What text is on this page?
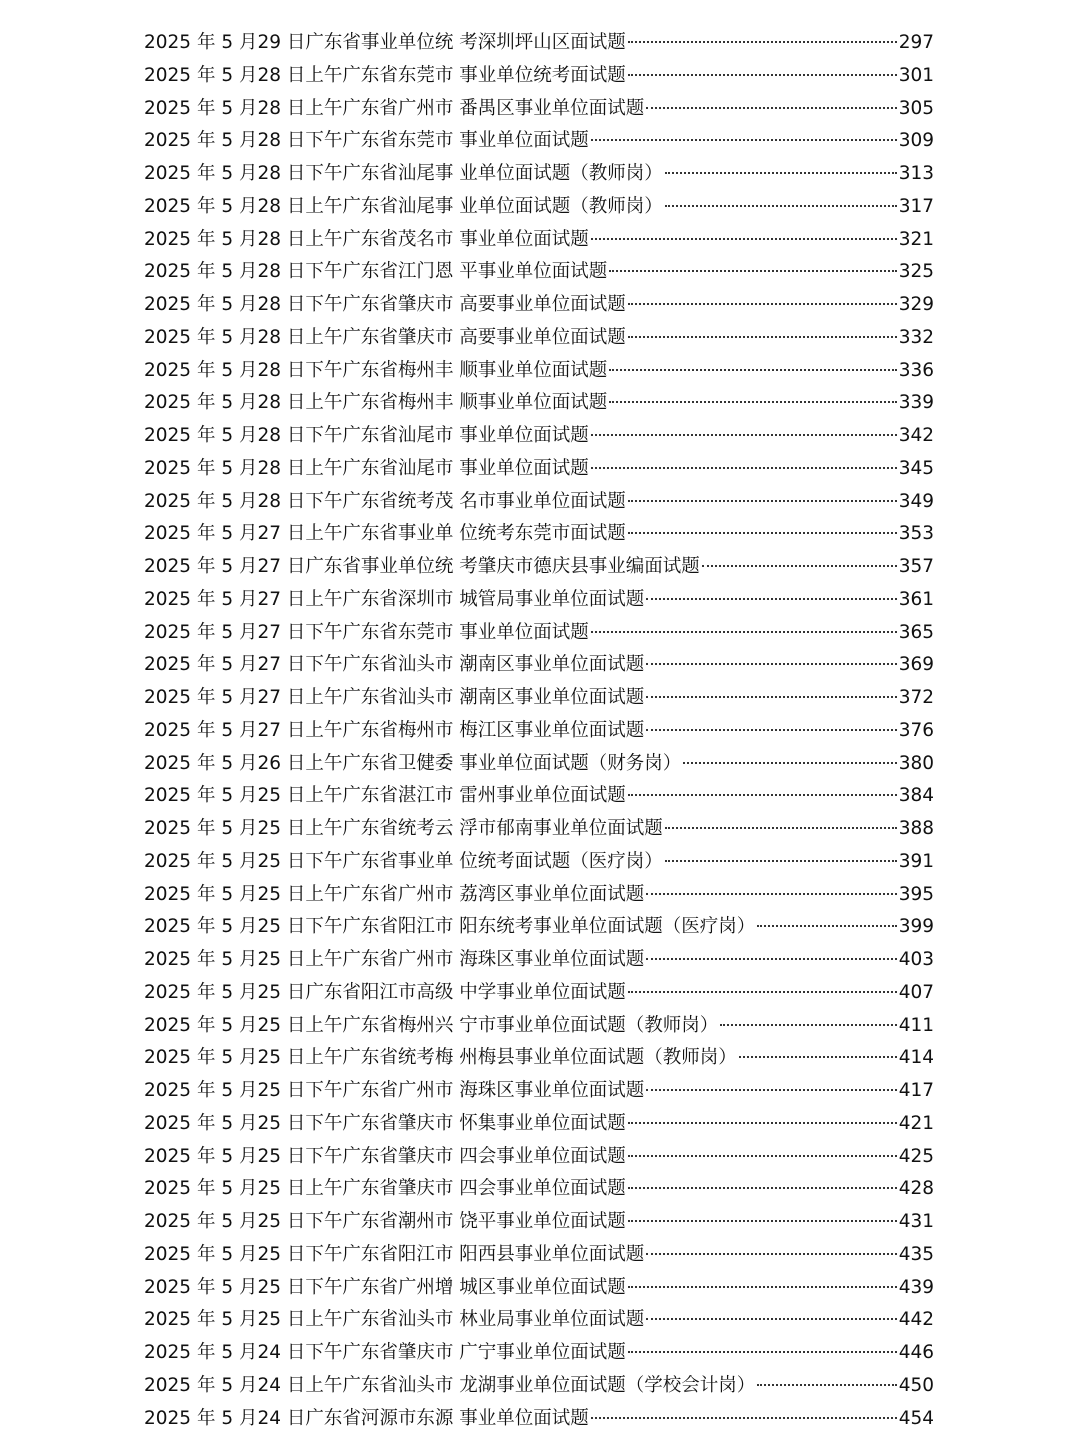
2025 年 5 月29 日广东省事业单位统 考深圳坪山区面试题	297
2025 年 5 月28 日上午广东省东莞市 事业单位统考面试题	301
2025 年 5 月28 日上午广东省广州市 番禺区事业单位面试题	305
2025 年 5 月28 日下午广东省东莞市 事业单位面试题	309
2025 年 5 月28 日下午广东省汕尾事 业单位面试题（教师岗）	313
2025 年 5 月28 日上午广东省汕尾事 业单位面试题（教师岗）	317
2025 年 5 月28 日上午广东省茂名市 事业单位面试题	321
2025 年 5 月28 日下午广东省江门恩 平事业单位面试题	325
2025 年 5 月28 日下午广东省肇庆市 高要事业单位面试题	329
2025 年 5 月28 日上午广东省肇庆市 高要事业单位面试题	332
2025 年 5 月28 日下午广东省梅州丰 顺事业单位面试题	336
2025 年 5 月28 日上午广东省梅州丰 顺事业单位面试题	339
2025 年 5 月28 日下午广东省汕尾市 事业单位面试题	342
2025 年 5 月28 日上午广东省汕尾市 事业单位面试题	345
2025 年 5 月28 日下午广东省统考茂 名市事业单位面试题	349
2025 年 5 月27 日上午广东省事业单 位统考东莞市面试题	353
2025 年 5 月27 日广东省事业单位统 考肇庆市德庆县事业编面试题	357
2025 年 5 月27 日上午广东省深圳市 城管局事业单位面试题	361
2025 年 5 月27 日下午广东省东莞市 事业单位面试题	365
2025 年 5 月27 日下午广东省汕头市 潮南区事业单位面试题	369
2025 年 5 月27 日上午广东省汕头市 潮南区事业单位面试题	372
2025 年 5 月27 日上午广东省梅州市 梅江区事业单位面试题	376
2025 年 5 月26 日上午广东省卫健委 事业单位面试题（财务岗）	380
2025 年 5 月25 日上午广东省湛江市 雷州事业单位面试题	384
2025 年 5 月25 日上午广东省统考云 浮市郁南事业单位面试题	388
2025 年 5 月25 日下午广东省事业单 位统考面试题（医疗岗）	391
2025 年 5 月25 日上午广东省广州市 荔湾区事业单位面试题	395
2025 年 5 月25 日下午广东省阳江市 阳东统考事业单位面试题（医疗岗）	399
2025 年 5 月25 日上午广东省广州市 海珠区事业单位面试题	403
2025 年 5 月25 日广东省阳江市高级 中学事业单位面试题	407
2025 年 5 月25 日上午广东省梅州兴 宁市事业单位面试题（教师岗）	411
2025 年 5 月25 日上午广东省统考梅 州梅县事业单位面试题（教师岗）	414
2025 年 5 月25 日下午广东省广州市 海珠区事业单位面试题	417
2025 年 5 月25 日下午广东省肇庆市 怀集事业单位面试题	421
2025 年 5 月25 日下午广东省肇庆市 四会事业单位面试题	425
2025 年 5 月25 日上午广东省肇庆市 四会事业单位面试题	428
2025 年 5 月25 日下午广东省潮州市 饶平事业单位面试题	431
2025 年 5 月25 日下午广东省阳江市 阳西县事业单位面试题	435
2025 年 5 月25 日下午广东省广州增 城区事业单位面试题	439
2025 年 5 月25 日上午广东省汕头市 林业局事业单位面试题	442
2025 年 5 月24 日下午广东省肇庆市 广宁事业单位面试题	446
2025 年 5 月24 日上午广东省汕头市 龙湖事业单位面试题（学校会计岗）	450
2025 年 5 月24 日广东省河源市东源 事业单位面试题	454
